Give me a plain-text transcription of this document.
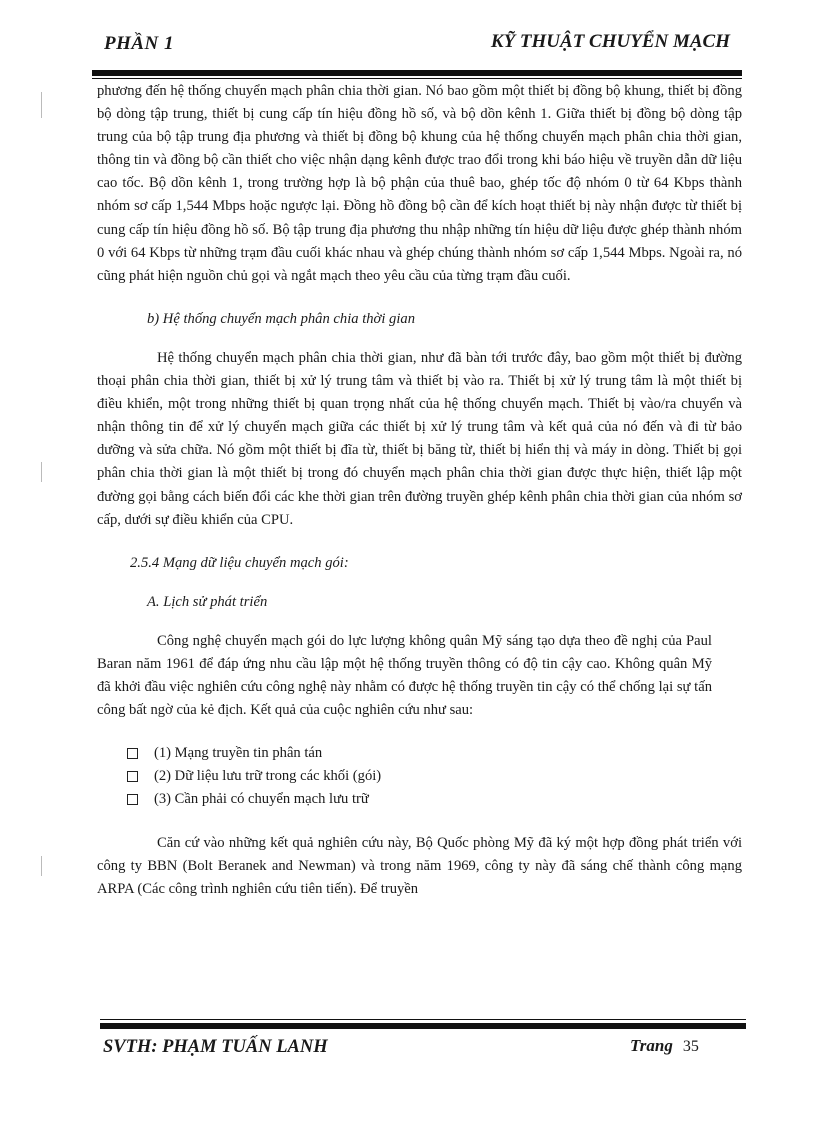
PHẦN 1	KỸ THUẬT CHUYỂN MẠCH

phương đến hệ thống chuyển mạch phân chia thời gian. Nó bao gồm một thiết bị đồng bộ khung, thiết bị đồng bộ dòng tập trung, thiết bị cung cấp tín hiệu đồng hồ số, và bộ dồn kênh 1. Giữa thiết bị đồng bộ dòng tập trung của bộ tập trung địa phương và thiết bị đồng bộ khung của hệ thống chuyển mạch phân chia thời gian, thông tin và đồng bộ cần thiết cho việc nhận dạng kênh được trao đổi trong khi báo hiệu về truyền dẫn dữ liệu cao tốc. Bộ dồn kênh 1, trong trường hợp là bộ phận của thuê bao, ghép tốc độ nhóm 0 từ 64 Kbps thành nhóm sơ cấp 1,544 Mbps hoặc ngược lại. Đồng hồ đồng bộ cần để kích hoạt thiết bị này nhận được từ thiết bị cung cấp tín hiệu đồng hồ số. Bộ tập trung địa phương thu nhập những tín hiệu dữ liệu được ghép thành nhóm 0 với 64 Kbps từ những trạm đầu cuối khác nhau và ghép chúng thành nhóm sơ cấp 1,544 Mbps. Ngoài ra, nó cũng phát hiện nguồn chủ gọi và ngắt mạch theo yêu cầu của từng trạm đầu cuối.

b) Hệ thống chuyển mạch phân chia thời gian

Hệ thống chuyển mạch phân chia thời gian, như đã bàn tới trước đây, bao gồm một thiết bị đường thoại phân chia thời gian, thiết bị xử lý trung tâm và thiết bị vào ra. Thiết bị xử lý trung tâm là một thiết bị điều khiển, một trong những thiết bị quan trọng nhất của hệ thống chuyển mạch. Thiết bị vào/ra chuyển và nhận thông tin để xử lý chuyển mạch giữa các thiết bị xử lý trung tâm và kết quả của nó đến và đi từ bảo dưỡng và sửa chữa. Nó gồm một thiết bị đĩa từ, thiết bị băng từ, thiết bị hiển thị và máy in dòng. Thiết bị gọi phân chia thời gian là một thiết bị trong đó chuyển mạch phân chia thời gian được thực hiện, thiết lập một đường gọi bằng cách biến đổi các khe thời gian trên đường truyền ghép kênh phân chia thời gian của nhóm sơ cấp, dưới sự điều khiển của CPU.

2.5.4 Mạng dữ liệu chuyển mạch gói:

A. Lịch sử phát triển

Công nghệ chuyển mạch gói do lực lượng không quân Mỹ sáng tạo dựa theo đề nghị của Paul Baran năm 1961 để đáp ứng nhu cầu lập một hệ thống truyền thông có độ tin cậy cao. Không quân Mỹ đã khởi đầu việc nghiên cứu công nghệ này nhằm có được hệ thống truyền tin cậy có thể chống lại sự tấn công bất ngờ của kẻ địch. Kết quả của cuộc nghiên cứu như sau:

(1) Mạng truyền tin phân tán
(2) Dữ liệu lưu trữ trong các khối (gói)
(3) Cần phải có chuyển mạch lưu trữ

Căn cứ vào những kết quả nghiên cứu này, Bộ Quốc phòng Mỹ đã ký một hợp đồng phát triển với công ty BBN (Bolt Beranek and Newman) và trong năm 1969, công ty này đã sáng chế thành công mạng ARPA (Các công trình nghiên cứu tiên tiến). Để truyền

SVTH: PHẠM TUẤN LANH	Trang 35
